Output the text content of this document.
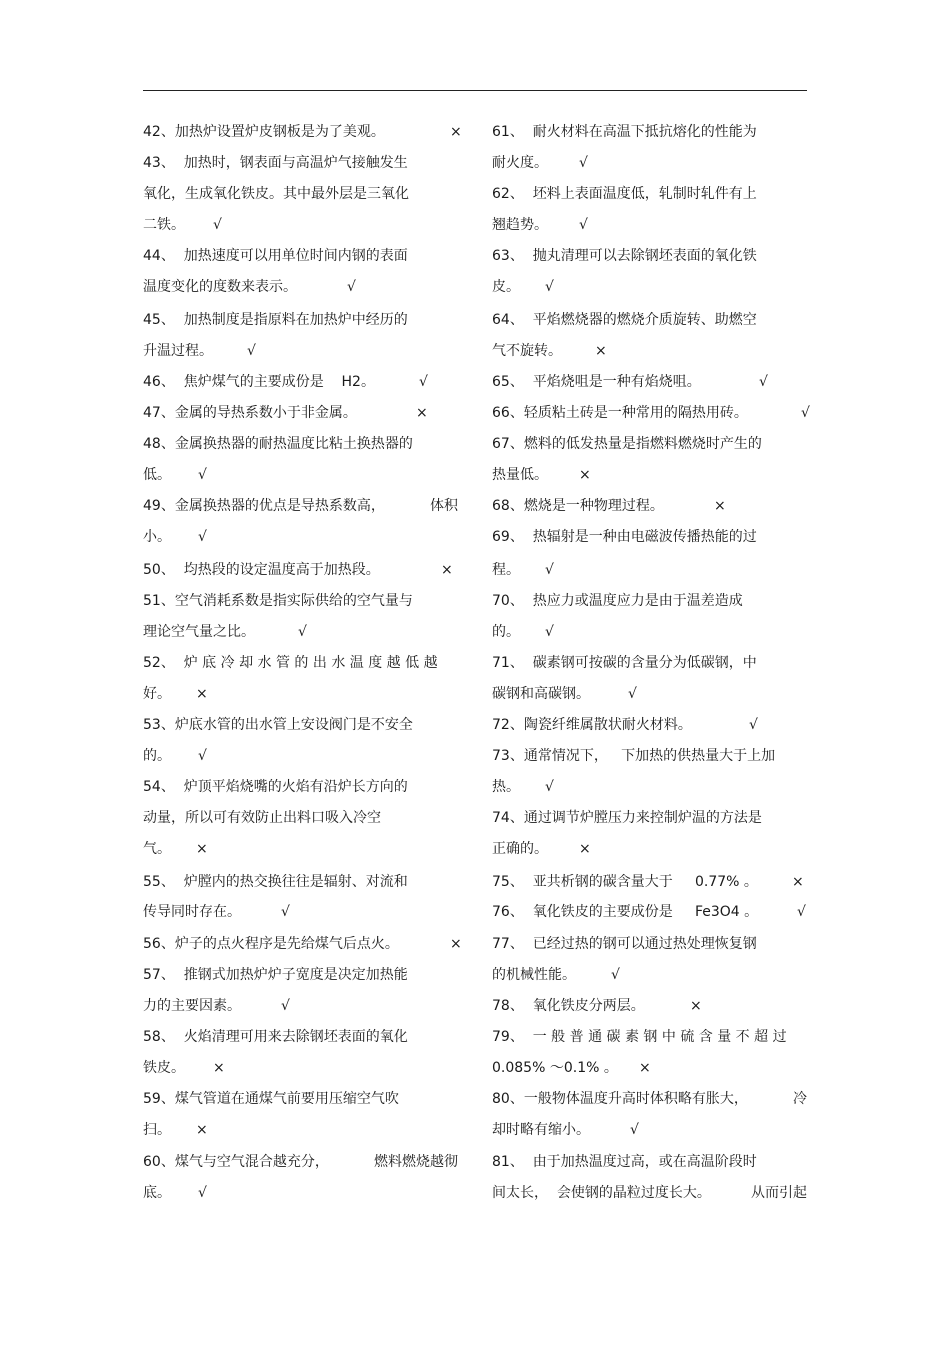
42、加热炉设置炉皮钢板是为了美观。	×
43、  加热时，钢表面与高温炉气接触发生
氧化，生成氧化铁皮。其中最外层是三氧化
二铁。 √
44、  加热速度可以用单位时间内钢的表面
温度变化的度数来表示。	√
45、  加热制度是指原料在加热炉中经历的
升温过程。 √
46、  焦炉煤气的主要成份是    H2。	√
47、金属的导热系数小于非金属。	×
48、金属换热器的耐热温度比粘土换热器的
低。 √
49、金属换热器的优点是导热系数高，	体积
小。 √
50、  均热段的设定温度高于加热段。	×
51、空气消耗系数是指实际供给的空气量与
理论空气量之比。	√
52、  炉 底 冷 却 水 管 的 出 水 温 度 越 低 越
好。 ×
53、炉底水管的出水管上安设阀门是不安全
的。 √
54、  炉顶平焰烧嘴的火焰有沿炉长方向的
动量，所以可有效防止出料口吸入冷空
气。 ×
55、  炉膛内的热交换往往是辐射、对流和
传导同时存在。	√
56、炉子的点火程序是先给煤气后点火。	×
57、  推钢式加热炉炉子宽度是决定加热能
力的主要因素。	√
58、  火焰清理可用来去除钢坯表面的氧化
铁皮。 ×
59、煤气管道在通煤气前要用压缩空气吹
扫。 ×
60、煤气与空气混合越充分，	燃料燃烧越彻
底。 √
61、  耐火材料在高温下抵抗熔化的性能为
耐火度。 √
62、  坯料上表面温度低，轧制时轧件有上
翘趋势。 √
63、  抛丸清理可以去除钢坯表面的氧化铁
皮。 √
64、  平焰燃烧器的燃烧介质旋转、助燃空
气不旋转。 ×
65、  平焰烧咀是一种有焰烧咀。	√
66、轻质粘土砖是一种常用的隔热用砖。	√
67、燃料的低发热量是指燃料燃烧时产生的
热量低。 ×
68、燃烧是一种物理过程。	×
69、  热辐射是一种由电磁波传播热能的过
程。 √
70、  热应力或温度应力是由于温差造成
的。 √
71、  碳素钢可按碳的含量分为低碳钢，中
碳钢和高碳钢。	√
72、陶瓷纤维属散状耐火材料。	√
73、通常情况下，   下加热的供热量大于上加
热。 √
74、通过调节炉膛压力来控制炉温的方法是
正确的。 ×
75、  亚共析钢的碳含量大于     0.77% 。 ×
76、  氧化铁皮的主要成份是     Fe3O4 。	√
77、  已经过热的钢可以通过热处理恢复钢
的机械性能。	√
78、  氧化铁皮分两层。	×
79、  一 般 普 通 碳 素 钢 中 硫 含 量 不 超 过
0.085% ～0.1% 。 ×
80、一般物体温度升高时体积略有胀大，	冷
却时略有缩小。	√
81、  由于加热温度过高，或在高温阶段时
间太长，  会使钢的晶粒过度长大。	从而引起
